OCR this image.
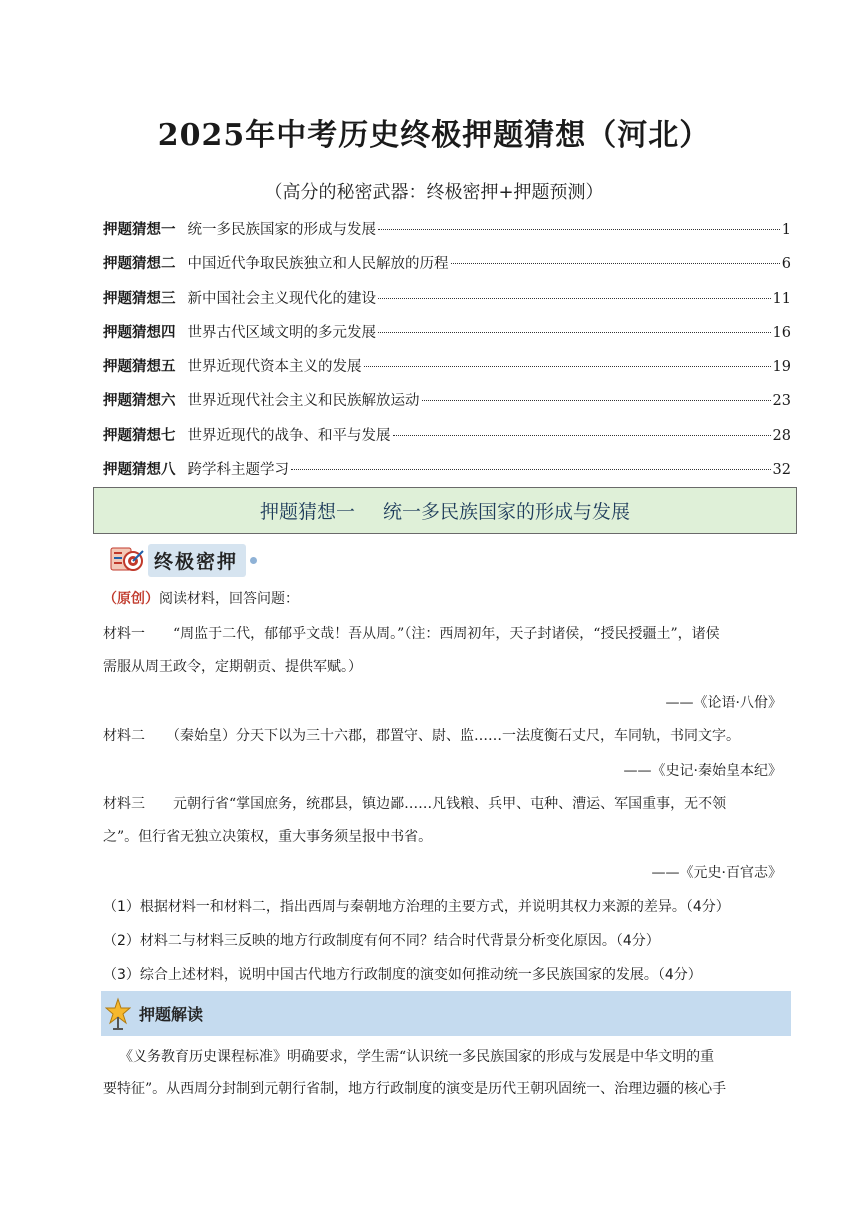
2025年中考历史终极押题猜想（河北）
（高分的秘密武器：终极密押+押题预测）
押题猜想一 统一多民族国家的形成与发展	1
押题猜想二 中国近代争取民族独立和人民解放的历程	6
押题猜想三 新中国社会主义现代化的建设	11
押题猜想四 世界古代区域文明的多元发展	16
押题猜想五 世界近现代资本主义的发展	19
押题猜想六 世界近现代社会主义和民族解放运动	23
押题猜想七 世界近现代的战争、和平与发展	28
押题猜想八 跨学科主题学习	32
押题猜想一 统一多民族国家的形成与发展
终极密押
（原创）阅读材料，回答问题：
材料一　　“周监于二代，郁郁乎文哉！吾从周。”（注：西周初年，天子封诸侯，“授民授疆土”，诸侯
需服从周王政令，定期朝贡、提供军赋。）
——《论语·八佾》
材料二　　（秦始皇）分天下以为三十六郡，郡置守、尉、监……一法度衡石丈尺，车同轨，书同文字。
——《史记·秦始皇本纪》
材料三　　元朝行省“掌国庶务，统郡县，镇边鄙……凡钱粮、兵甲、屯种、漕运、军国重事，无不领
之”。但行省无独立决策权，重大事务须呈报中书省。
——《元史·百官志》
（1）根据材料一和材料二，指出西周与秦朝地方治理的主要方式，并说明其权力来源的差异。（4分）
（2）材料二与材料三反映的地方行政制度有何不同？结合时代背景分析变化原因。（4分）
（3）综合上述材料，说明中国古代地方行政制度的演变如何推动统一多民族国家的发展。（4分）
押题解读
《义务教育历史课程标准》明确要求，学生需“认识统一多民族国家的形成与发展是中华文明的重
要特征”。从西周分封制到元朝行省制，地方行政制度的演变是历代王朝巩固统一、治理边疆的核心手
